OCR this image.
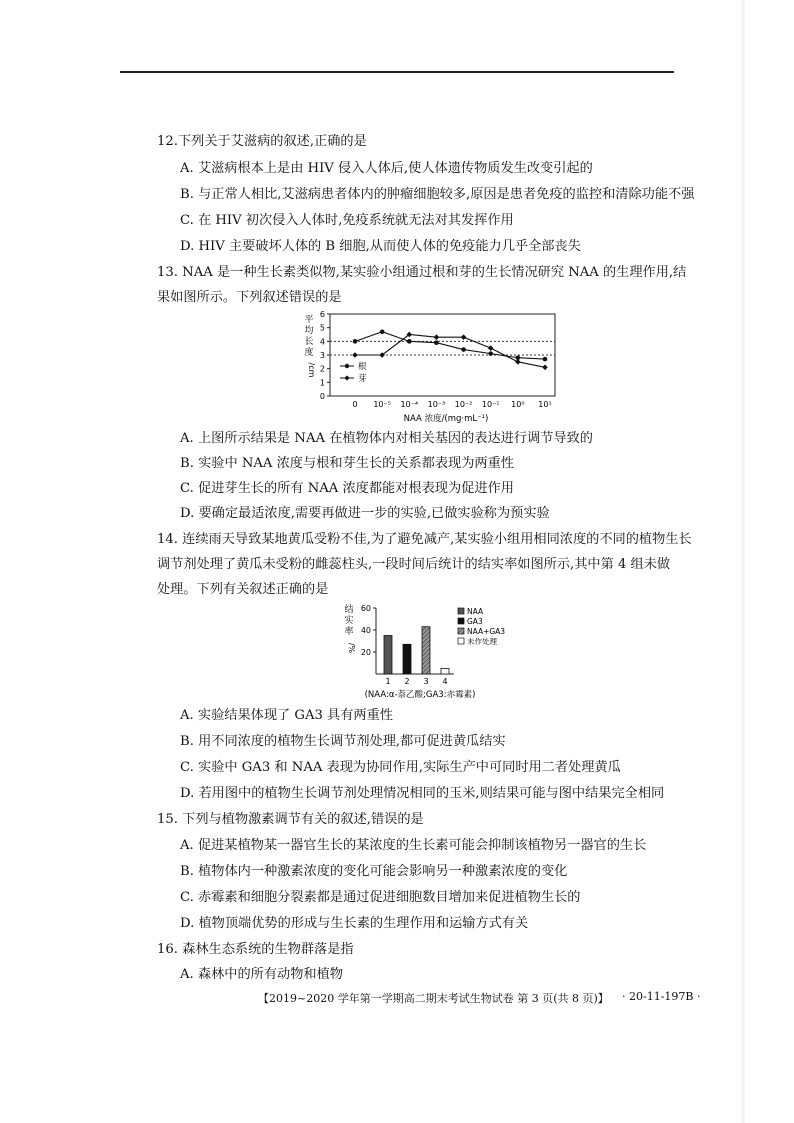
12.下列关于艾滋病的叙述,正确的是
A. 艾滋病根本上是由 HIV 侵入人体后,使人体遗传物质发生改变引起的
B. 与正常人相比,艾滋病患者体内的肿瘤细胞较多,原因是患者免疫的监控和清除功能不强
C. 在 HIV 初次侵入人体时,免疫系统就无法对其发挥作用
D. HIV 主要破坏人体的 B 细胞,从而使人体的免疫能力几乎全部丧失
13. NAA 是一种生长素类似物,某实验小组通过根和芽的生长情况研究 NAA 的生理作用,结
果如图所示。下列叙述错误的是
平
均
长
度
/cm
平均长度/cm
0
1
2
3
4
5
6
0 10⁻⁵ 10⁻⁴ 10⁻³ 10⁻² 10⁻¹ 10⁰ 10¹
根
芽
NAA 浓度/(mg·mL⁻¹)
A. 上图所示结果是 NAA 在植物体内对相关基因的表达进行调节导致的
B. 实验中 NAA 浓度与根和芽生长的关系都表现为两重性
C. 促进芽生长的所有 NAA 浓度都能对根表现为促进作用
D. 要确定最适浓度,需要再做进一步的实验,已做实验称为预实验
14. 连续雨天导致某地黄瓜受粉不佳,为了避免减产,某实验小组用相同浓度的不同的植物生长
调节剂处理了黄瓜未受粉的雌蕊柱头,一段时间后统计的结实率如图所示,其中第 4 组未做
处理。下列有关叙述正确的是
结
实
率
/%
结实率/%
20
40
60
1 2 3 4
NAA
GA3
NAA+GA3
未作处理
(NAA:α-萘乙酸;GA3:赤霉素)
A. 实验结果体现了 GA3 具有两重性
B. 用不同浓度的植物生长调节剂处理,都可促进黄瓜结实
C. 实验中 GA3 和 NAA 表现为协同作用,实际生产中可同时用二者处理黄瓜
D. 若用图中的植物生长调节剂处理情况相同的玉米,则结果可能与图中结果完全相同
15. 下列与植物激素调节有关的叙述,错误的是
A. 促进某植物某一器官生长的某浓度的生长素可能会抑制该植物另一器官的生长
B. 植物体内一种激素浓度的变化可能会影响另一种激素浓度的变化
C. 赤霉素和细胞分裂素都是通过促进细胞数目增加来促进植物生长的
D. 植物顶端优势的形成与生长素的生理作用和运输方式有关
16. 森林生态系统的生物群落是指
A. 森林中的所有动物和植物
【2019~2020 学年第一学期高二期末考试生物试卷 第 3 页(共 8 页)】 · 20-11-197B ·
